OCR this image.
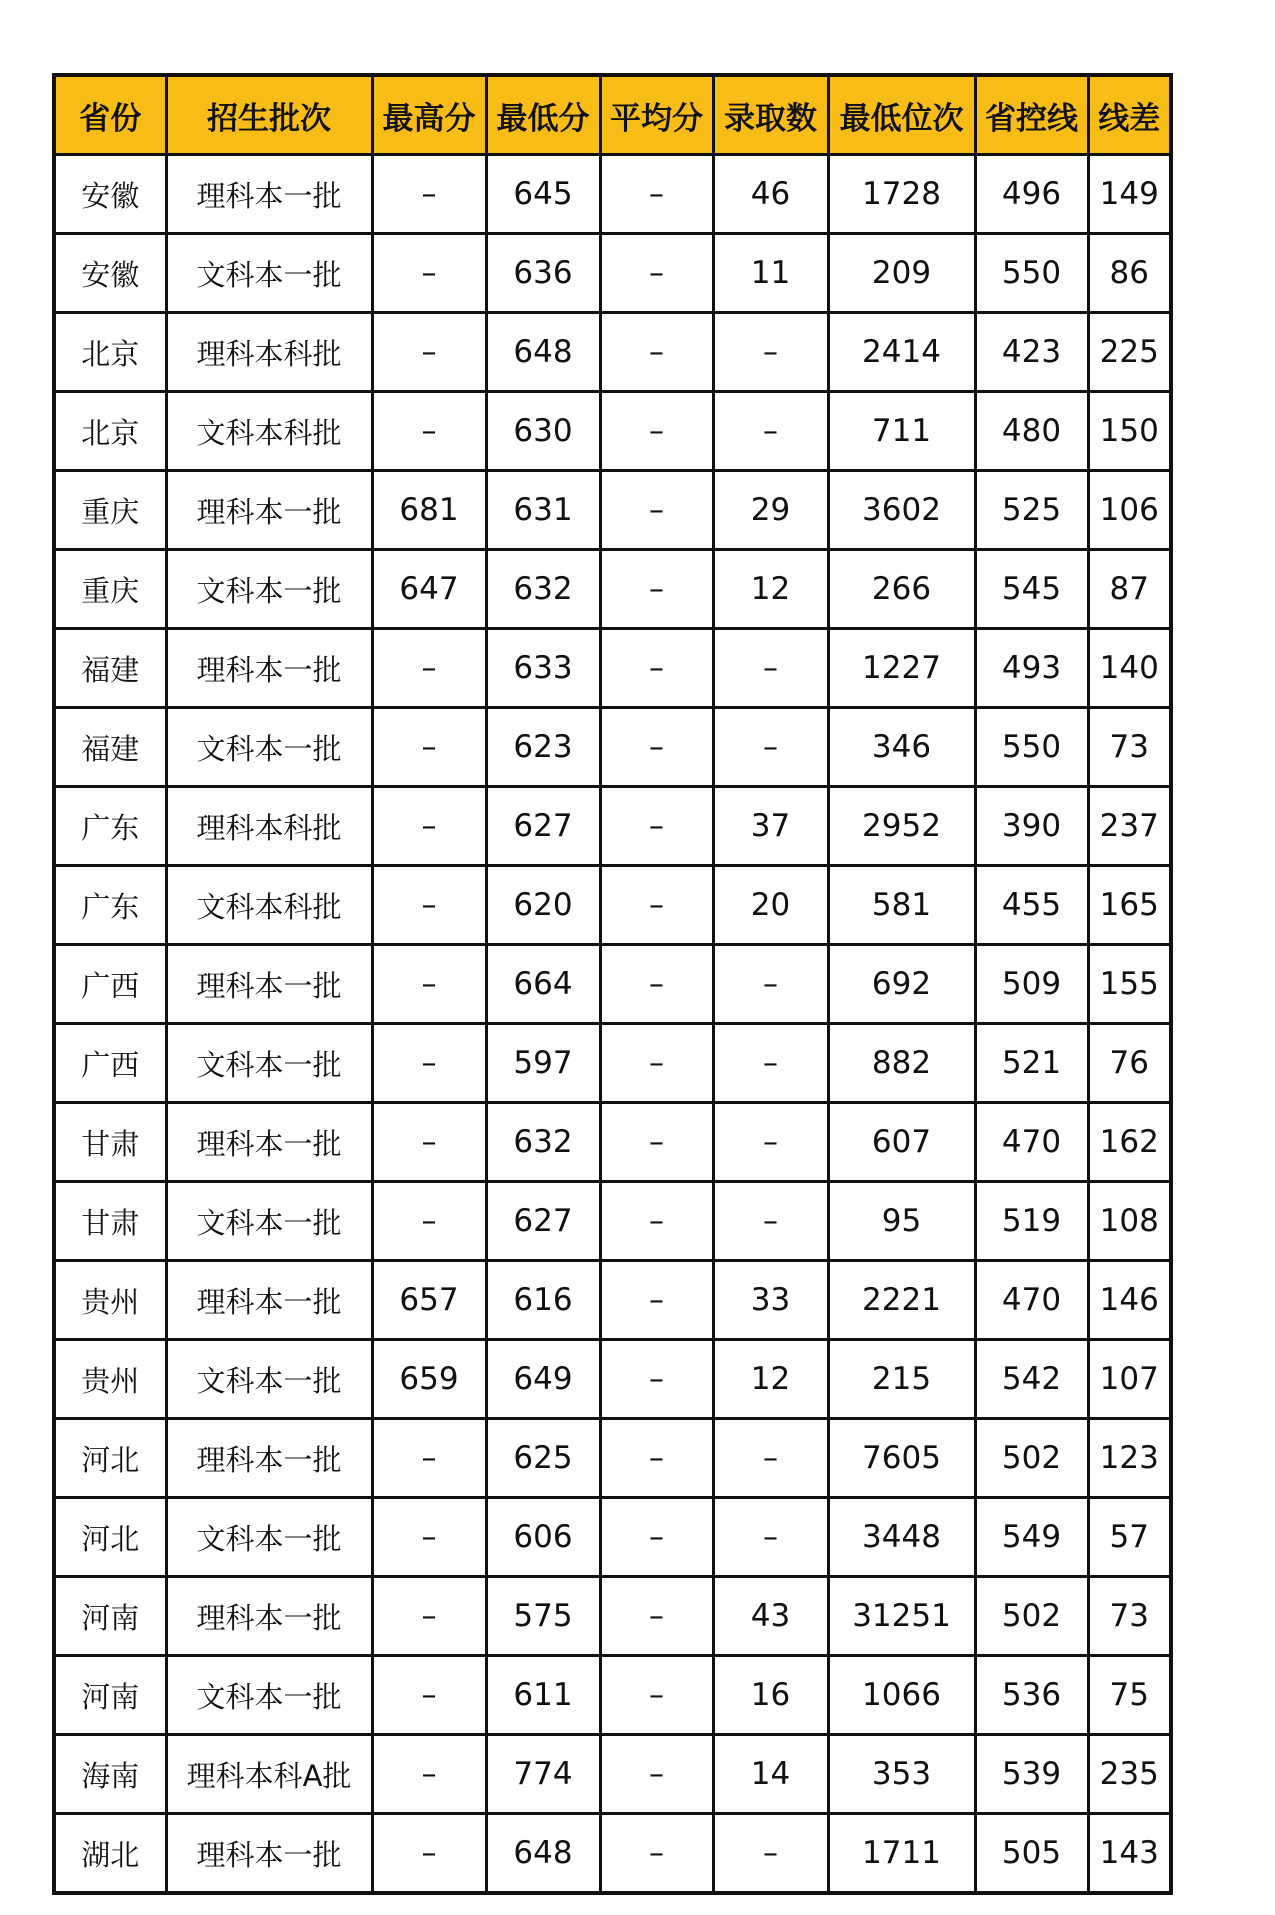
省份	招生批次	最高分	最低分	平均分	录取数	最低位次	省控线	线差
安徽	理科本一批	–	645	–	46	1728	496	149
安徽	文科本一批	–	636	–	11	209	550	86
北京	理科本科批	–	648	–	–	2414	423	225
北京	文科本科批	–	630	–	–	711	480	150
重庆	理科本一批	681	631	–	29	3602	525	106
重庆	文科本一批	647	632	–	12	266	545	87
福建	理科本一批	–	633	–	–	1227	493	140
福建	文科本一批	–	623	–	–	346	550	73
广东	理科本科批	–	627	–	37	2952	390	237
广东	文科本科批	–	620	–	20	581	455	165
广西	理科本一批	–	664	–	–	692	509	155
广西	文科本一批	–	597	–	–	882	521	76
甘肃	理科本一批	–	632	–	–	607	470	162
甘肃	文科本一批	–	627	–	–	95	519	108
贵州	理科本一批	657	616	–	33	2221	470	146
贵州	文科本一批	659	649	–	12	215	542	107
河北	理科本一批	–	625	–	–	7605	502	123
河北	文科本一批	–	606	–	–	3448	549	57
河南	理科本一批	–	575	–	43	31251	502	73
河南	文科本一批	–	611	–	16	1066	536	75
海南	理科本科A批	–	774	–	14	353	539	235
湖北	理科本一批	–	648	–	–	1711	505	143
